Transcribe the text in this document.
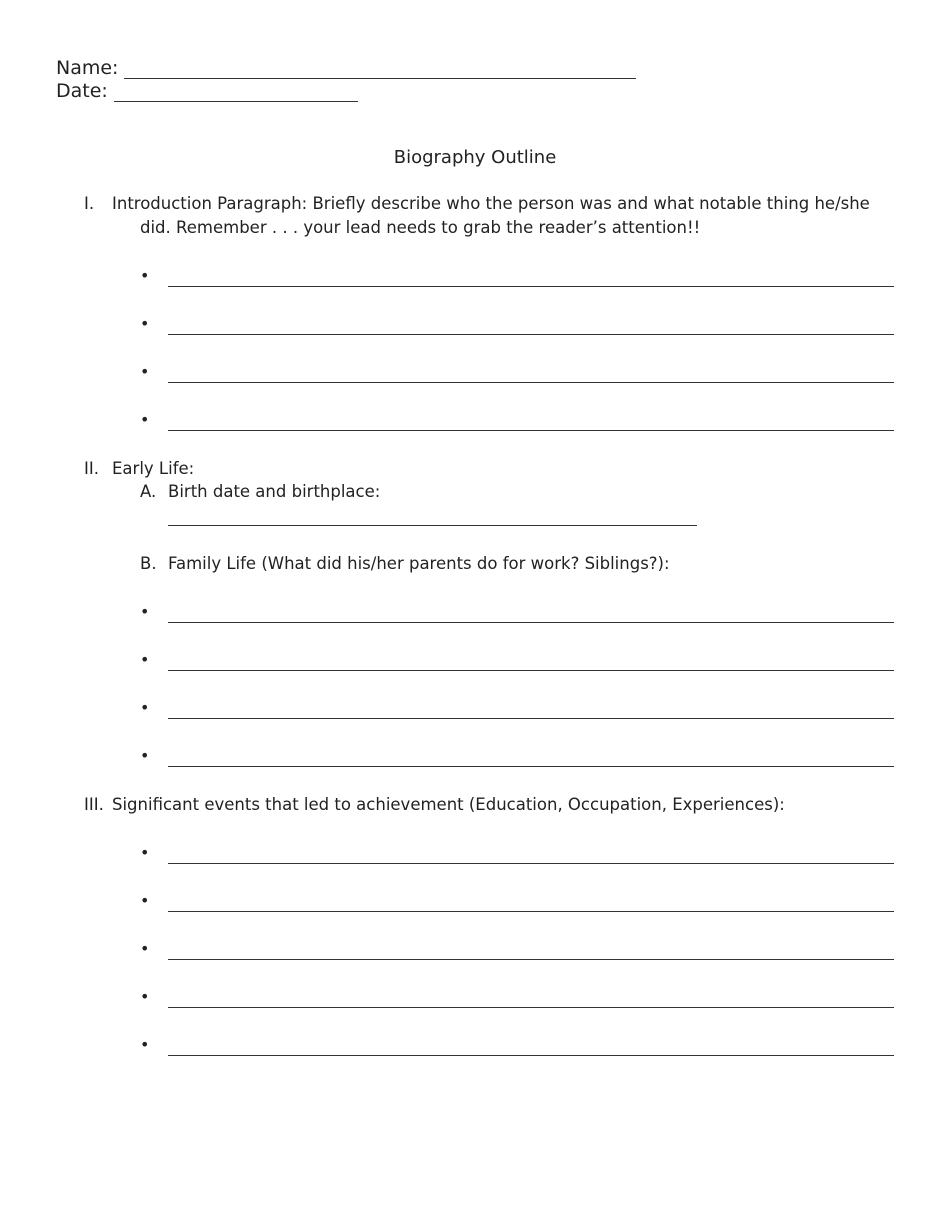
Name:
Date:
Biography Outline
I.	Introduction Paragraph: Briefly describe who the person was and what notable thing he/she
did. Remember . . . your lead needs to grab the reader’s attention!!
•
•
•
•
II. Early Life:
A. Birth date and birthplace:
B. Family Life (What did his/her parents do for work? Siblings?):
•
•
•
•
III. Significant events that led to achievement (Education, Occupation, Experiences):
•
•
•
•
•
